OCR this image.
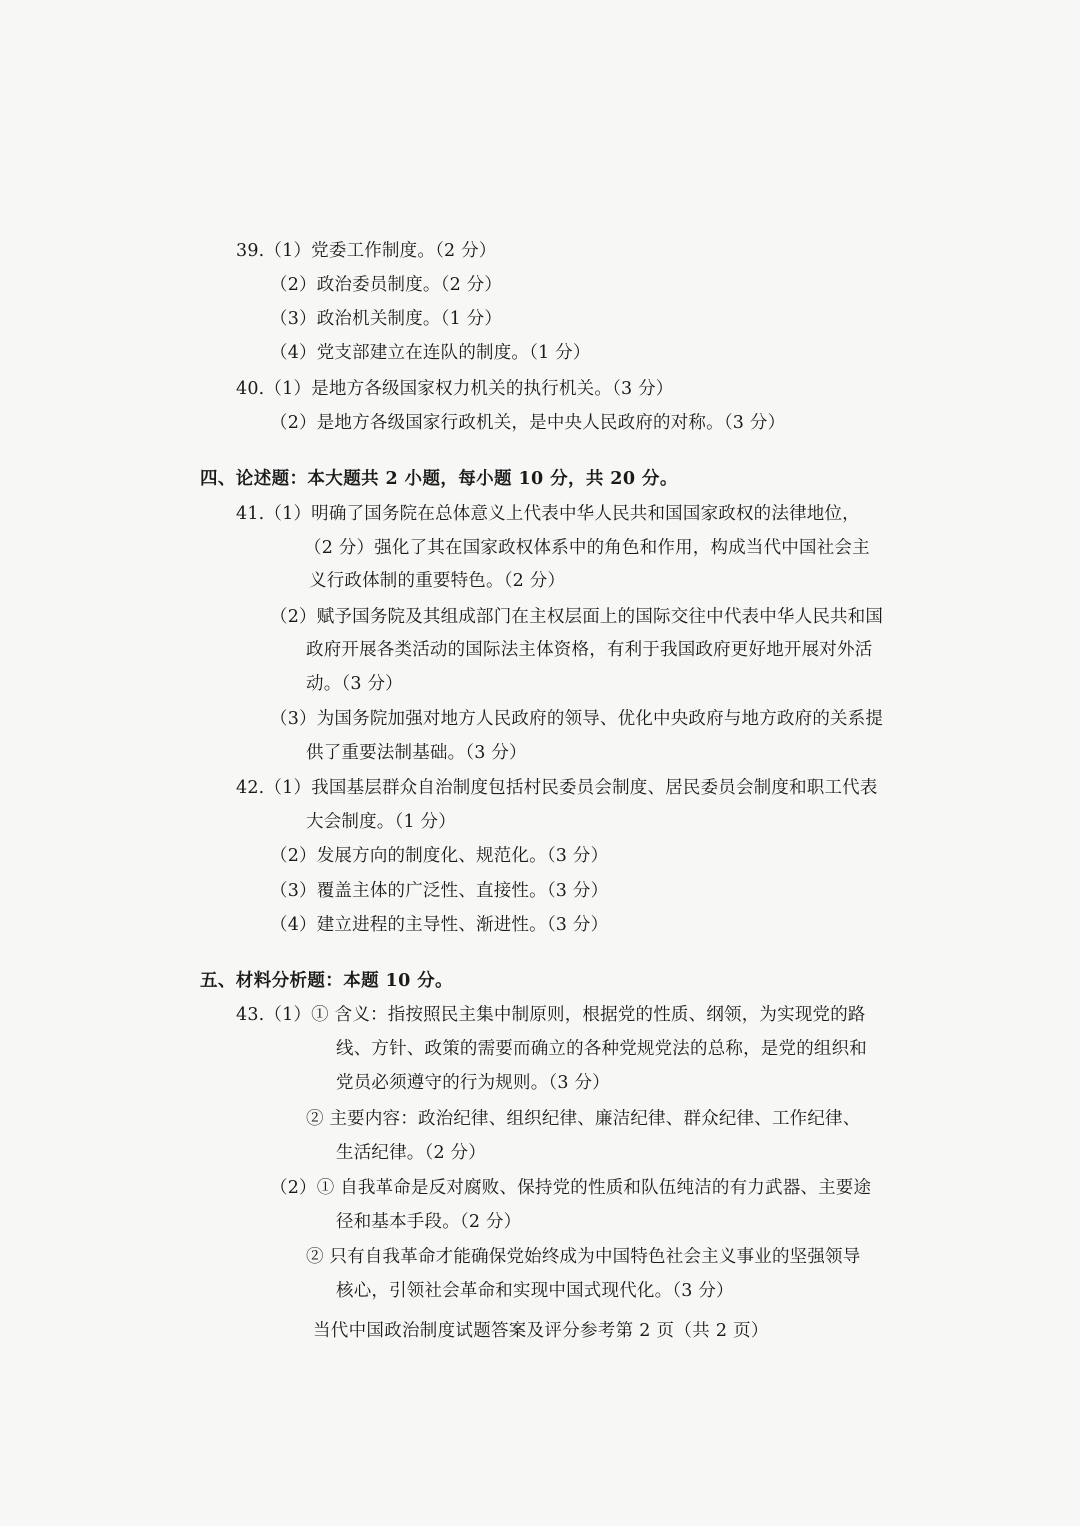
39.（1）党委工作制度。（2 分）
（2）政治委员制度。（2 分）
（3）政治机关制度。（1 分）
（4）党支部建立在连队的制度。（1 分）
40.（1）是地方各级国家权力机关的执行机关。（3 分）
（2）是地方各级国家行政机关，是中央人民政府的对称。（3 分）
四、论述题：本大题共 2 小题，每小题 10 分，共 20 分。
41.（1）明确了国务院在总体意义上代表中华人民共和国国家政权的法律地位，
（2 分）强化了其在国家政权体系中的角色和作用，构成当代中国社会主
义行政体制的重要特色。（2 分）
（2）赋予国务院及其组成部门在主权层面上的国际交往中代表中华人民共和国
政府开展各类活动的国际法主体资格，有利于我国政府更好地开展对外活
动。（3 分）
（3）为国务院加强对地方人民政府的领导、优化中央政府与地方政府的关系提
供了重要法制基础。（3 分）
42.（1）我国基层群众自治制度包括村民委员会制度、居民委员会制度和职工代表
大会制度。（1 分）
（2）发展方向的制度化、规范化。（3 分）
（3）覆盖主体的广泛性、直接性。（3 分）
（4）建立进程的主导性、渐进性。（3 分）
五、材料分析题：本题 10 分。
43.（1）① 含义：指按照民主集中制原则，根据党的性质、纲领，为实现党的路
线、方针、政策的需要而确立的各种党规党法的总称，是党的组织和
党员必须遵守的行为规则。（3 分）
② 主要内容：政治纪律、组织纪律、廉洁纪律、群众纪律、工作纪律、
生活纪律。（2 分）
（2）① 自我革命是反对腐败、保持党的性质和队伍纯洁的有力武器、主要途
径和基本手段。（2 分）
② 只有自我革命才能确保党始终成为中国特色社会主义事业的坚强领导
核心，引领社会革命和实现中国式现代化。（3 分）
当代中国政治制度试题答案及评分参考第 2 页（共 2 页）
